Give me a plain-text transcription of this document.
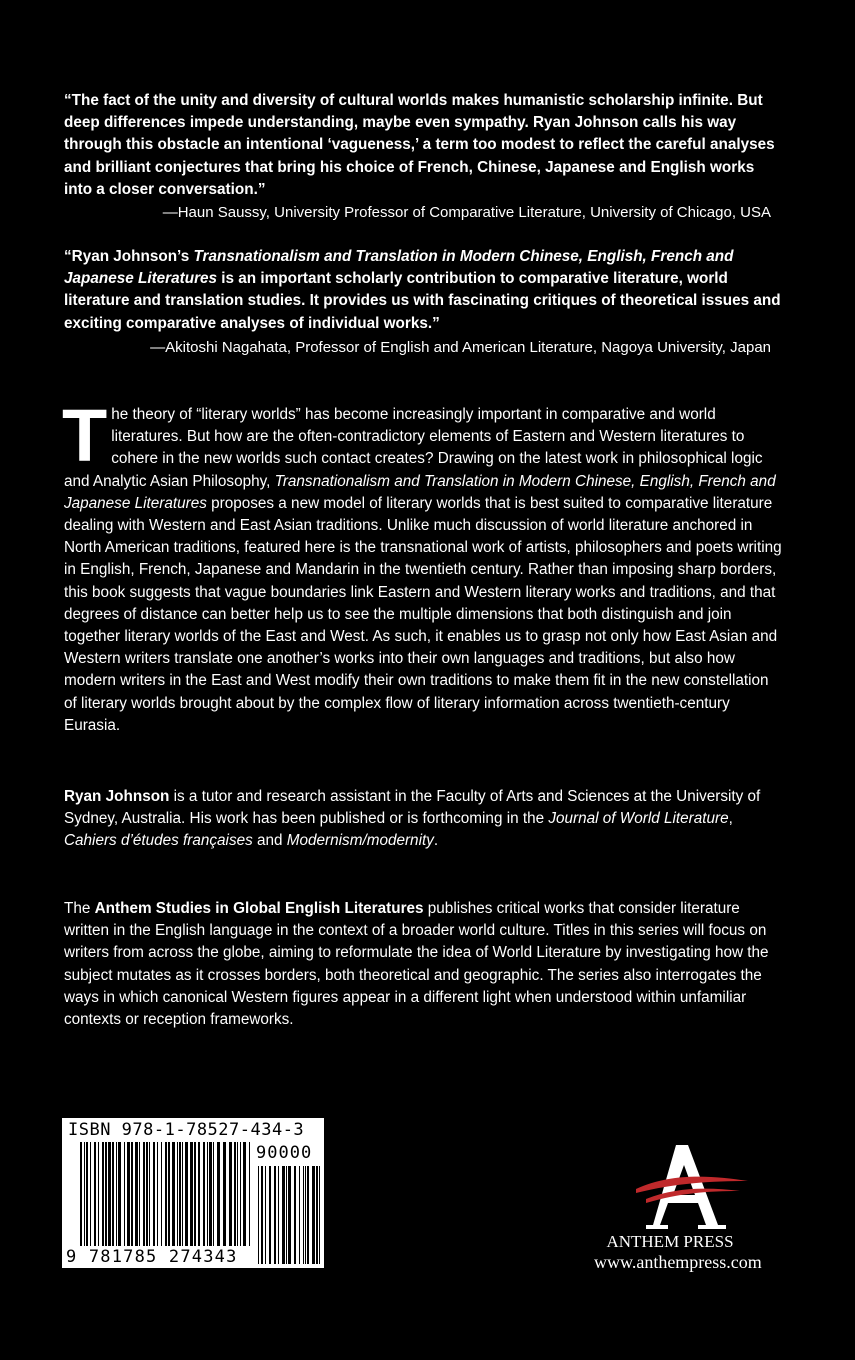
“The fact of the unity and diversity of cultural worlds makes humanistic scholarship infinite. But deep differences impede understanding, maybe even sympathy. Ryan Johnson calls his way through this obstacle an intentional ‘vagueness,’ a term too modest to reflect the careful analyses and brilliant conjectures that bring his choice of French, Chinese, Japanese and English works into a closer conversation.”

—Haun Saussy, University Professor of Comparative Literature, University of Chicago, USA

“Ryan Johnson’s Transnationalism and Translation in Modern Chinese, English, French and Japanese Literatures is an important scholarly contribution to comparative literature, world literature and translation studies. It provides us with fascinating critiques of theoretical issues and exciting comparative analyses of individual works.”

—Akitoshi Nagahata, Professor of English and American Literature, Nagoya University, Japan

The theory of “literary worlds” has become increasingly important in comparative and world literatures. But how are the often-contradictory elements of Eastern and Western literatures to cohere in the new worlds such contact creates? Drawing on the latest work in philosophical logic and Analytic Asian Philosophy, Transnationalism and Translation in Modern Chinese, English, French and Japanese Literatures proposes a new model of literary worlds that is best suited to comparative literature dealing with Western and East Asian traditions. Unlike much discussion of world literature anchored in North American traditions, featured here is the transnational work of artists, philosophers and poets writing in English, French, Japanese and Mandarin in the twentieth century. Rather than imposing sharp borders, this book suggests that vague boundaries link Eastern and Western literary works and traditions, and that degrees of distance can better help us to see the multiple dimensions that both distinguish and join together literary worlds of the East and West. As such, it enables us to grasp not only how East Asian and Western writers translate one another’s works into their own languages and traditions, but also how modern writers in the East and West modify their own traditions to make them fit in the new constellation of literary worlds brought about by the complex flow of literary information across twentieth-century Eurasia.

Ryan Johnson is a tutor and research assistant in the Faculty of Arts and Sciences at the University of Sydney, Australia. His work has been published or is forthcoming in the Journal of World Literature, Cahiers d’études françaises and Modernism/modernity.

The Anthem Studies in Global English Literatures publishes critical works that consider literature written in the English language in the context of a broader world culture. Titles in this series will focus on writers from across the globe, aiming to reformulate the idea of World Literature by investigating how the subject mutates as it crosses borders, both theoretical and geographic. The series also interrogates the ways in which canonical Western figures appear in a different light when understood within unfamiliar contexts or reception frameworks.

ISBN 978-1-78527-434-3
90000
9 781785 274343
ANTHEM PRESS
www.anthempress.com
